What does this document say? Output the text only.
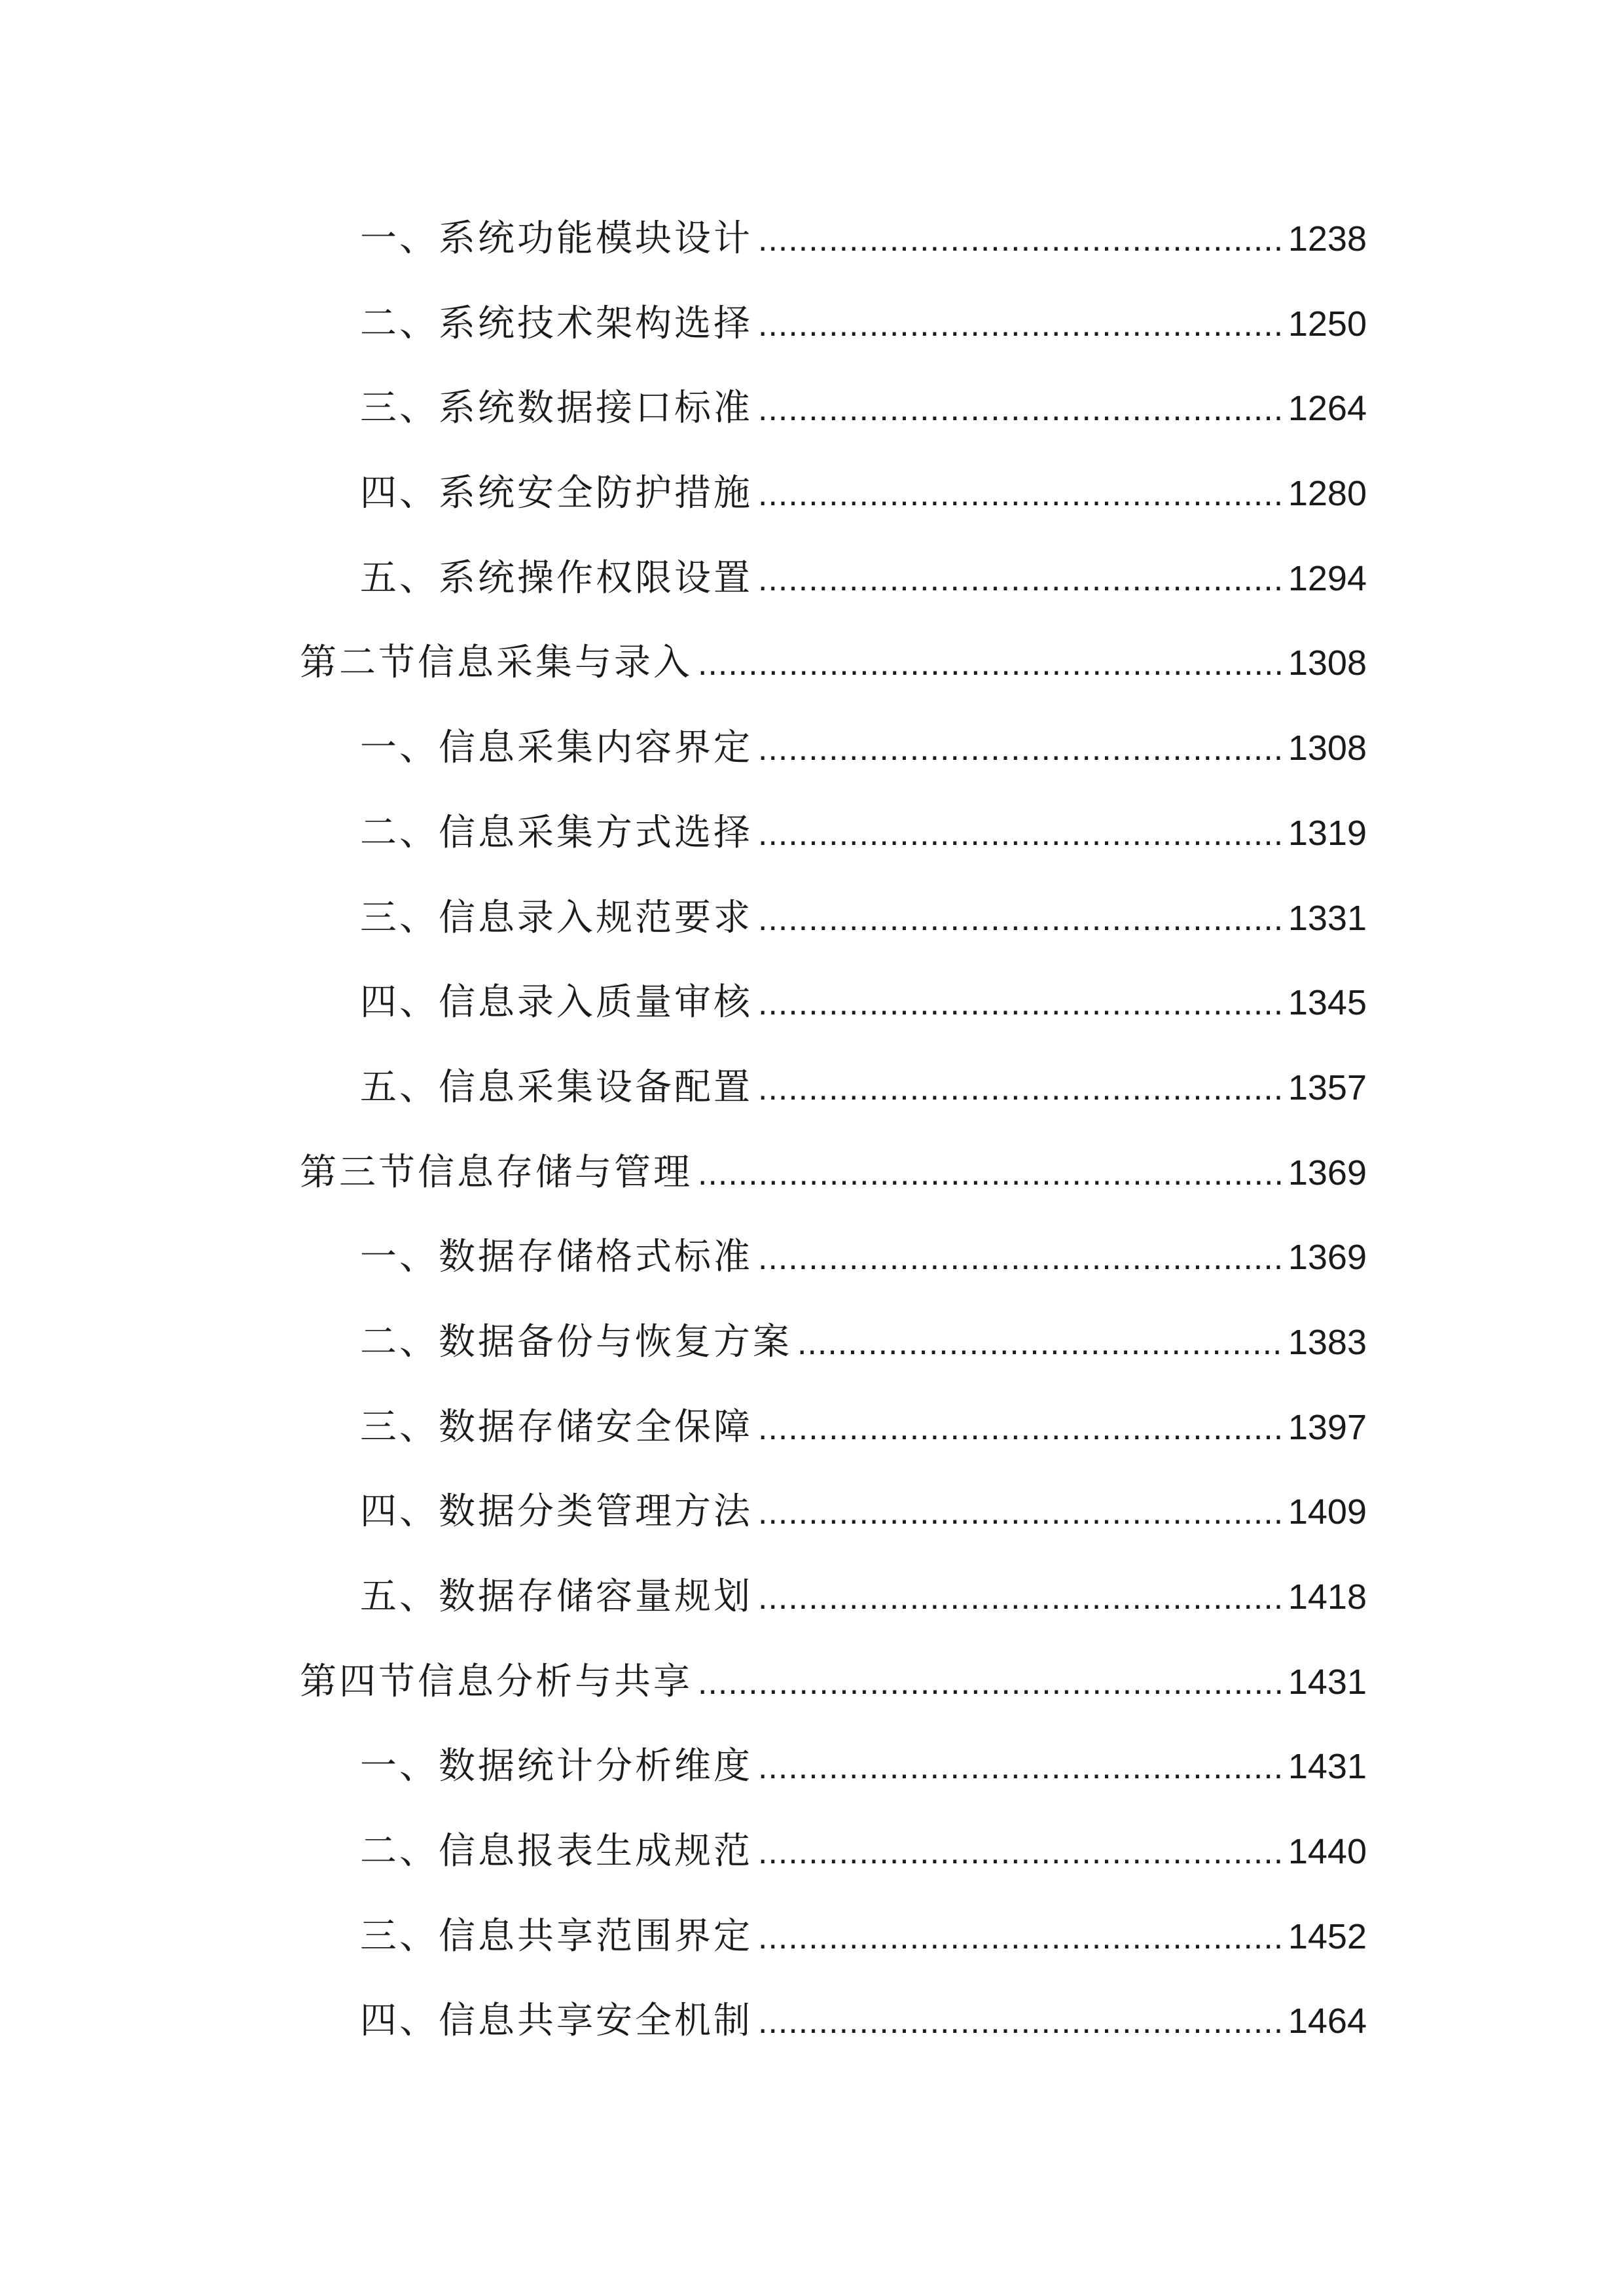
一、系统功能模块设计 .....	1238
二、系统技术架构选择 .....	1250
三、系统数据接口标准 .....	1264
四、系统安全防护措施 .....	1280
五、系统操作权限设置 .....	1294
第二节信息采集与录入 .....	1308
一、信息采集内容界定 .....	1308
二、信息采集方式选择 .....	1319
三、信息录入规范要求 .....	1331
四、信息录入质量审核 .....	1345
五、信息采集设备配置 .....	1357
第三节信息存储与管理 .....	1369
一、数据存储格式标准 .....	1369
二、数据备份与恢复方案 .....	1383
三、数据存储安全保障 .....	1397
四、数据分类管理方法 .....	1409
五、数据存储容量规划 .....	1418
第四节信息分析与共享 .....	1431
一、数据统计分析维度 .....	1431
二、信息报表生成规范 .....	1440
三、信息共享范围界定 .....	1452
四、信息共享安全机制 .....	1464
